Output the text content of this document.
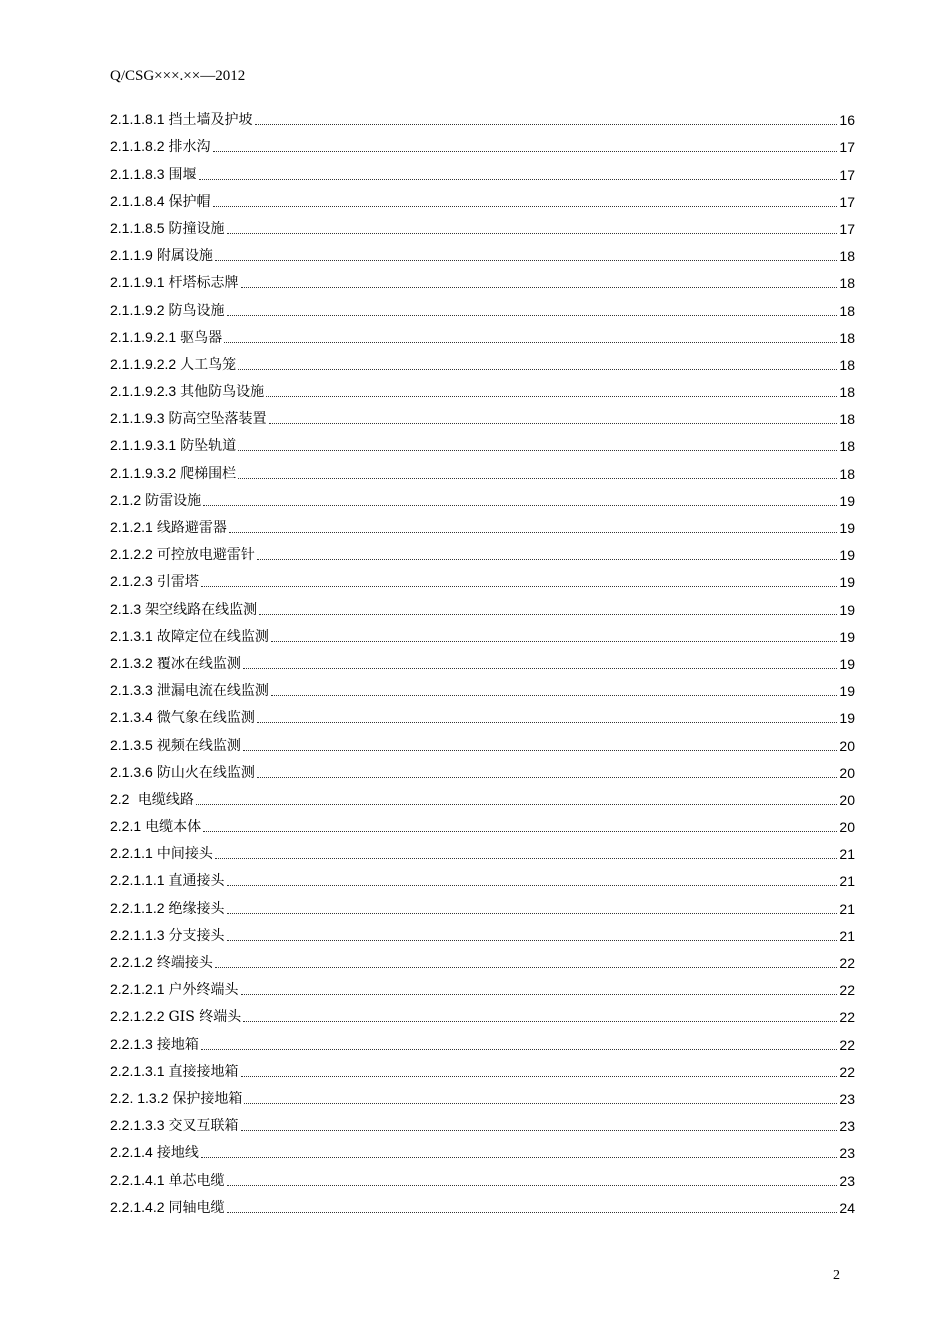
Q/CSG×××.××—2012
2.1.1.8.1 挡土墙及护坡	16
2.1.1.8.2 排水沟	17
2.1.1.8.3 围堰	17
2.1.1.8.4 保护帽	17
2.1.1.8.5 防撞设施	17
2.1.1.9 附属设施	18
2.1.1.9.1 杆塔标志牌	18
2.1.1.9.2 防鸟设施	18
2.1.1.9.2.1 驱鸟器	18
2.1.1.9.2.2 人工鸟笼	18
2.1.1.9.2.3 其他防鸟设施	18
2.1.1.9.3 防高空坠落装置	18
2.1.1.9.3.1 防坠轨道	18
2.1.1.9.3.2 爬梯围栏	18
2.1.2 防雷设施	19
2.1.2.1 线路避雷器	19
2.1.2.2 可控放电避雷针	19
2.1.2.3 引雷塔	19
2.1.3 架空线路在线监测	19
2.1.3.1 故障定位在线监测	19
2.1.3.2 覆冰在线监测	19
2.1.3.3 泄漏电流在线监测	19
2.1.3.4 微气象在线监测	19
2.1.3.5 视频在线监测	20
2.1.3.6 防山火在线监测	20
2.2 电缆线路	20
2.2.1 电缆本体	20
2.2.1.1 中间接头	21
2.2.1.1.1 直通接头	21
2.2.1.1.2 绝缘接头	21
2.2.1.1.3 分支接头	21
2.2.1.2 终端接头	22
2.2.1.2.1 户外终端头	22
2.2.1.2.2 GIS 终端头	22
2.2.1.3 接地箱	22
2.2.1.3.1 直接接地箱	22
2.2. 1.3.2 保护接地箱	23
2.2.1.3.3 交叉互联箱	23
2.2.1.4 接地线	23
2.2.1.4.1 单芯电缆	23
2.2.1.4.2 同轴电缆	24
2
